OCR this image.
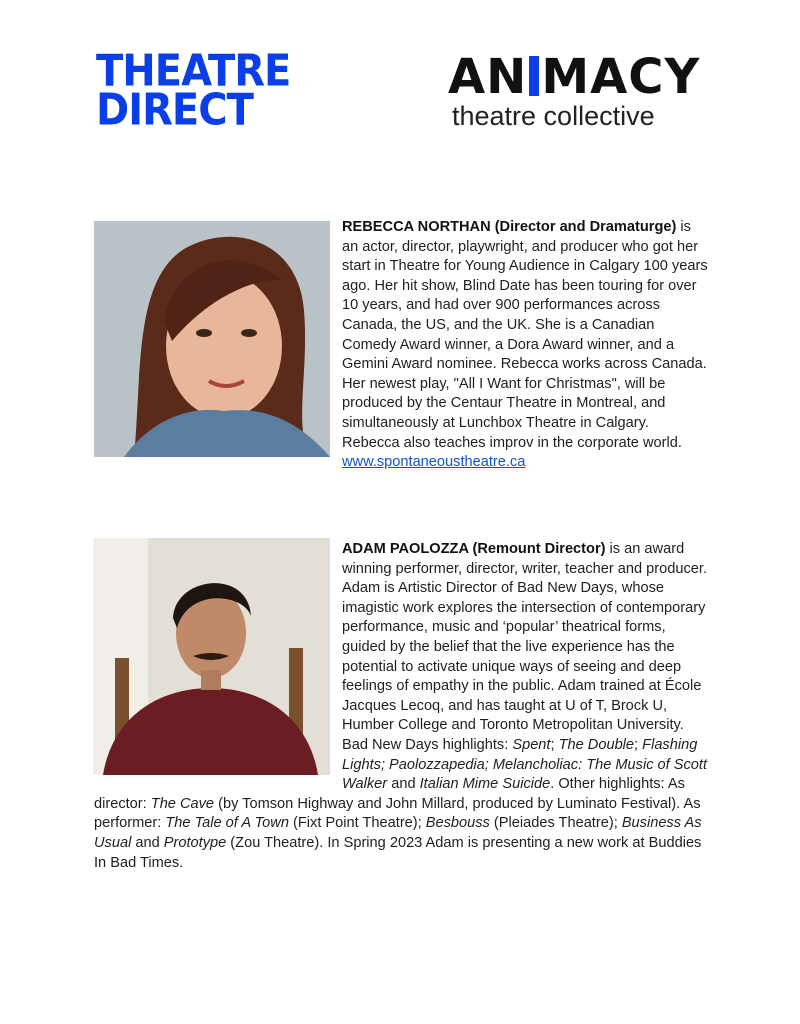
THEATRE
DIRECT
AN MACY
theatre collective

REBECCA NORTHAN (Director and Dramaturge) is an actor, director, playwright, and producer who got her start in Theatre for Young Audience in Calgary 100 years ago. Her hit show, Blind Date has been touring for over 10 years, and had over 900 performances across Canada, the US, and the UK. She is a Canadian Comedy Award winner, a Dora Award winner, and a Gemini Award nominee. Rebecca works across Canada. Her newest play, "All I Want for Christmas", will be produced by the Centaur Theatre in Montreal, and simultaneously at Lunchbox Theatre in Calgary. Rebecca also teaches improv in the corporate world.
www.spontaneoustheatre.ca

ADAM PAOLOZZA (Remount Director) is an award winning performer, director, writer, teacher and producer. Adam is Artistic Director of Bad New Days, whose imagistic work explores the intersection of contemporary performance, music and ‘popular’ theatrical forms, guided by the belief that the live experience has the potential to activate unique ways of seeing and deep feelings of empathy in the public. Adam trained at École Jacques Lecoq, and has taught at U of T, Brock U, Humber College and Toronto Metropolitan University. Bad New Days highlights: Spent; The Double; Flashing Lights; Paolozzapedia; Melancholiac: The Music of Scott Walker and Italian Mime Suicide. Other highlights: As director: The Cave (by Tomson Highway and John Millard, produced by Luminato Festival). As performer: The Tale of A Town (Fixt Point Theatre); Besbouss (Pleiades Theatre); Business As Usual and Prototype (Zou Theatre). In Spring 2023 Adam is presenting a new work at Buddies In Bad Times.
